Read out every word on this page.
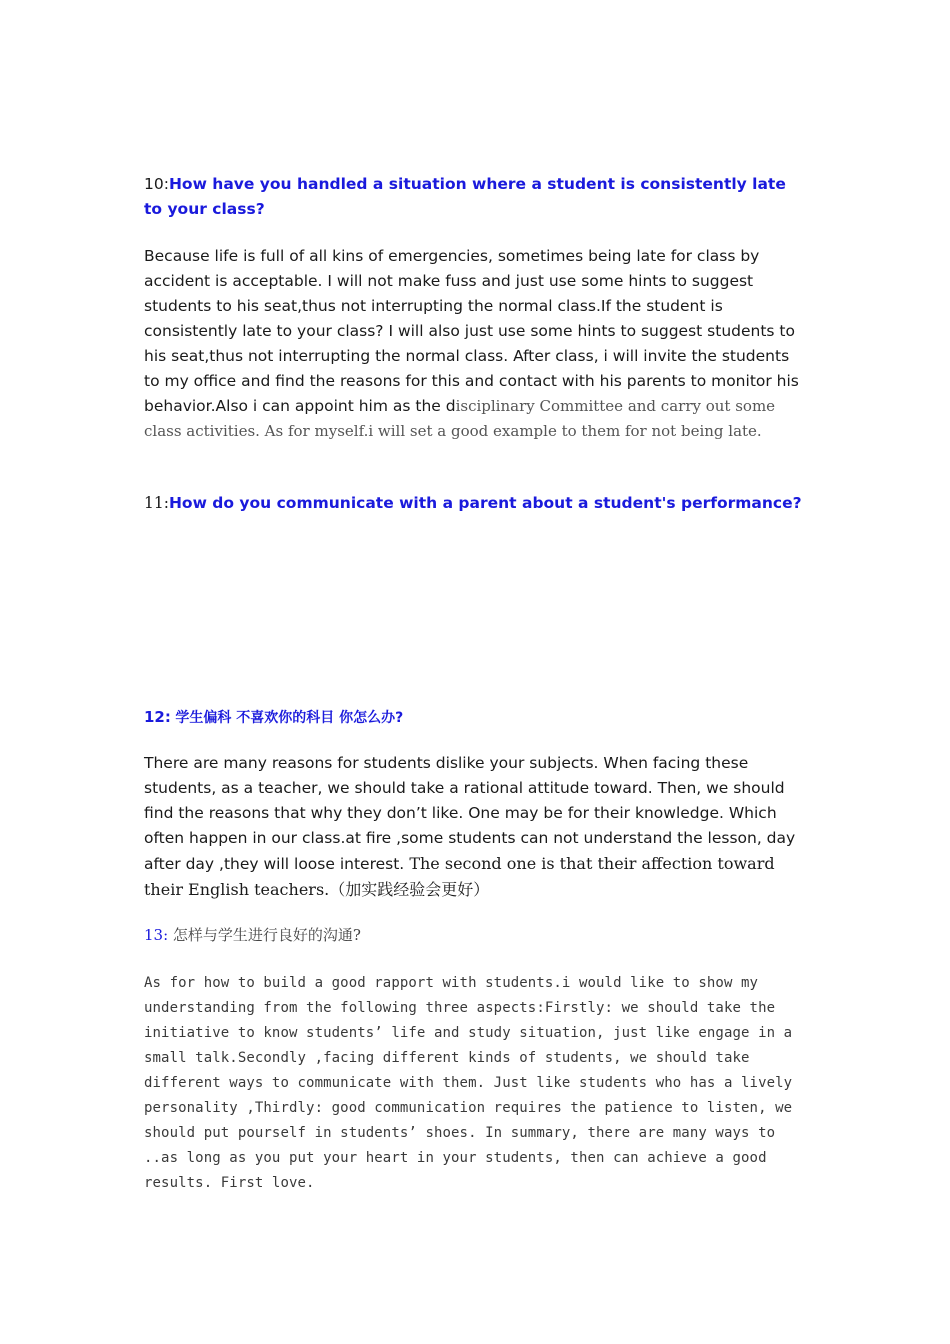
10:How have you handled a situation where a student is consistently late to your class?
Because life is full of all kins of emergencies, sometimes being late for class by accident is acceptable. I will not make fuss and just use some hints to suggest students to his seat,thus not interrupting the normal class.If the student is consistently late to your class? I will also just use some hints to suggest students to his seat,thus not interrupting the normal class. After class, i will invite the students to my office and find the reasons for this and contact with his parents to monitor his behavior.Also i can appoint him as the disciplinary Committee and carry out some class activities. As for myself.i will set a good example to them for not being late.
11:How do you communicate with a parent about a student's performance?
12: 学生偏科 不喜欢你的科目 你怎么办?
There are many reasons for students dislike your subjects. When facing these students, as a teacher, we should take a rational attitude toward. Then, we should find the reasons that why they don’t like. One may be for their knowledge. Which often happen in our class.at fire ,some students can not understand the lesson, day after day ,they will loose interest. The second one is that their affection toward their English teachers.（加实践经验会更好）
13: 怎样与学生进行良好的沟通?
As for how to build a good rapport with students.i would like to show my understanding from the following three aspects:Firstly: we should take the initiative to know students’ life and study situation, just like engage in a small talk.Secondly ,facing different kinds of students, we should take different ways to communicate with them. Just like students who has a lively personality ,Thirdly: good communication requires the patience to listen, we should put pourself in students’ shoes. In summary, there are many ways to ..as long as you put your heart in your students, then can achieve a good results. First love.
